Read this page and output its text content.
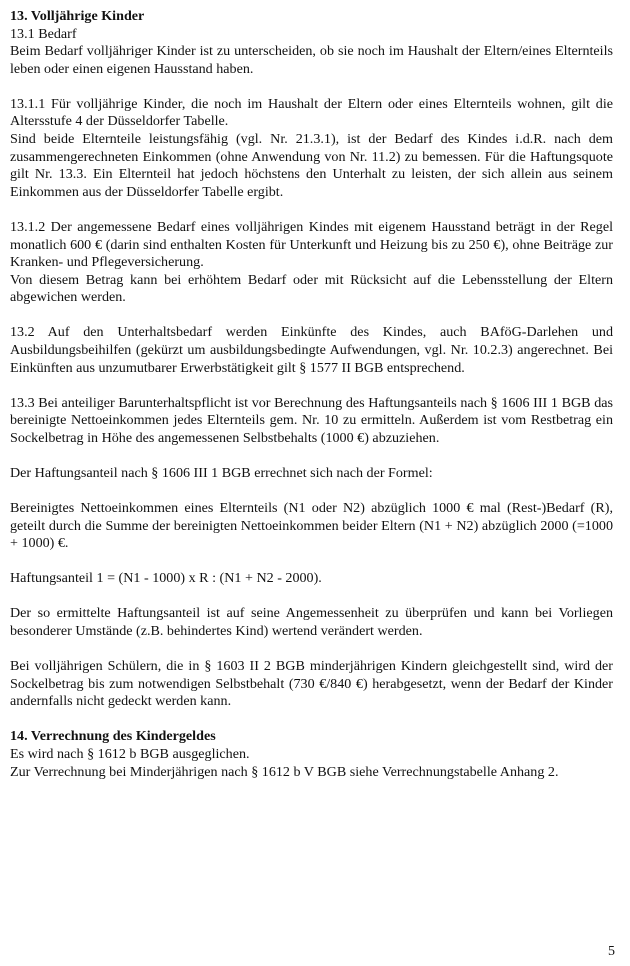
13. Volljährige Kinder

13.1 Bedarf

Beim Bedarf volljähriger Kinder ist zu unterscheiden, ob sie noch im Haushalt der Eltern/eines Elternteils leben oder einen eigenen Hausstand haben.

13.1.1 Für volljährige Kinder, die noch im Haushalt der Eltern oder eines Elternteils wohnen, gilt die Altersstufe 4 der Düsseldorfer Tabelle.

Sind beide Elternteile leistungsfähig (vgl. Nr. 21.3.1), ist der Bedarf des Kindes i.d.R. nach dem zusammengerechneten Einkommen (ohne Anwendung von Nr. 11.2) zu bemessen. Für die Haftungsquote gilt Nr. 13.3. Ein Elternteil hat jedoch höchstens den Unterhalt zu leisten, der sich allein aus seinem Einkommen aus der Düsseldorfer Tabelle ergibt.

13.1.2 Der angemessene Bedarf eines volljährigen Kindes mit eigenem Hausstand beträgt in der Regel monatlich 600 € (darin sind enthalten Kosten für Unterkunft und Heizung bis zu 250 €), ohne Beiträge zur Kranken- und Pflegeversicherung.

Von diesem Betrag kann bei erhöhtem Bedarf oder mit Rücksicht auf die Lebensstellung der Eltern abgewichen werden.

13.2 Auf den Unterhaltsbedarf werden Einkünfte des Kindes, auch BAföG-Darlehen und Ausbildungsbeihilfen (gekürzt um ausbildungsbedingte Aufwendungen, vgl. Nr. 10.2.3) angerechnet. Bei Einkünften aus unzumutbarer Erwerbstätigkeit gilt § 1577 II BGB entsprechend.

13.3 Bei anteiliger Barunterhaltspflicht ist vor Berechnung des Haftungsanteils nach § 1606 III 1 BGB das bereinigte Nettoeinkommen jedes Elternteils gem. Nr. 10 zu ermitteln. Außerdem ist vom Restbetrag ein Sockelbetrag in Höhe des angemessenen Selbstbehalts (1000 €) abzuziehen.

Der Haftungsanteil nach § 1606 III 1 BGB errechnet sich nach der Formel:

Bereinigtes Nettoeinkommen eines Elternteils (N1 oder N2) abzüglich 1000 € mal (Rest-)Bedarf (R), geteilt durch die Summe der bereinigten Nettoeinkommen beider Eltern (N1 + N2) abzüglich 2000 (=1000 + 1000) €.

Haftungsanteil 1 = (N1 - 1000) x R : (N1 + N2 - 2000).

Der so ermittelte Haftungsanteil ist auf seine Angemessenheit zu überprüfen und kann bei Vorliegen besonderer Umstände (z.B. behindertes Kind) wertend verändert werden.

Bei volljährigen Schülern, die in § 1603 II 2 BGB minderjährigen Kindern gleichgestellt sind, wird der Sockelbetrag bis zum notwendigen Selbstbehalt (730 €/840 €) herabgesetzt, wenn der Bedarf der Kinder andernfalls nicht gedeckt werden kann.

14. Verrechnung des Kindergeldes

Es wird nach § 1612 b BGB ausgeglichen.

Zur Verrechnung bei Minderjährigen nach § 1612 b V BGB siehe Verrechnungstabelle Anhang 2.

5
